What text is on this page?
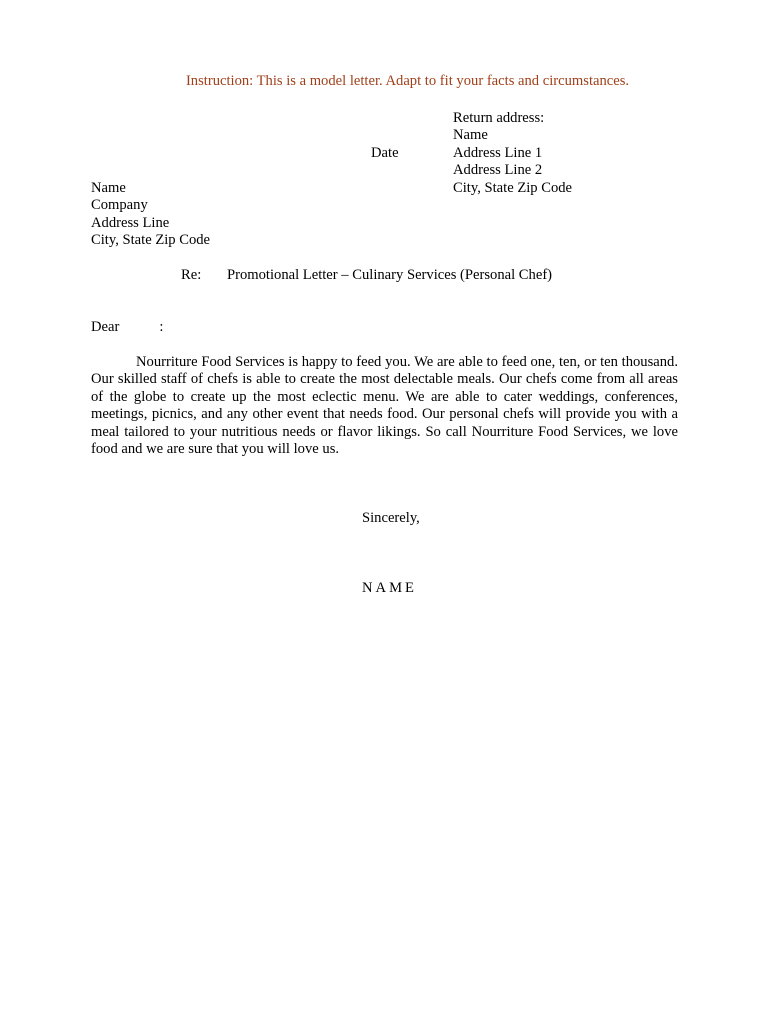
Instruction: This is a model letter. Adapt to fit your facts and circumstances.
Return address:
Name
Address Line 1
Address Line 2
City, State Zip Code
Date
Name
Company
Address Line
City, State Zip Code
Re: Promotional Letter – Culinary Services (Personal Chef)
Dear	:
Nourriture Food Services is happy to feed you. We are able to feed one, ten, or ten thousand. Our skilled staff of chefs is able to create the most delectable meals. Our chefs come from all areas of the globe to create up the most eclectic menu. We are able to cater weddings, conferences, meetings, picnics, and any other event that needs food. Our personal chefs will provide you with a meal tailored to your nutritious needs or flavor likings. So call Nourriture Food Services, we love food and we are sure that you will love us.
Sincerely,
NAME
